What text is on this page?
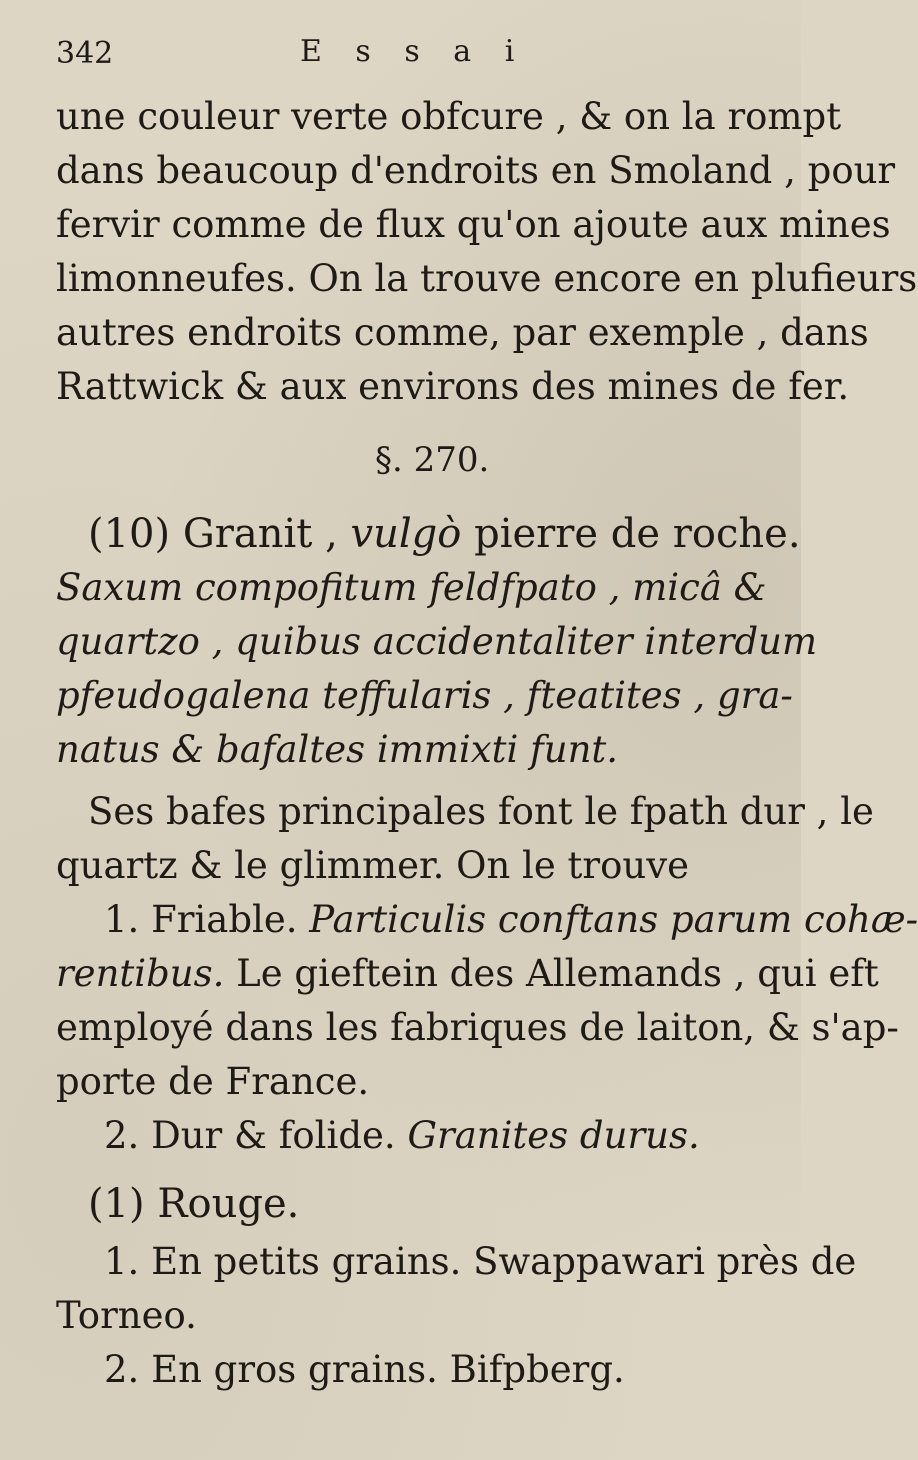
342	E s s a i
une couleur verte obfcure , & on la rompt
dans beaucoup d'endroits en Smoland , pour
fervir comme de flux qu'on ajoute aux mines
limonneufes. On la trouve encore en plufieurs
autres endroits comme, par exemple , dans
Rattwick & aux environs des mines de fer.
§. 270.
(10) Granit , vulgò pierre de roche.
Saxum compofitum feldfpato , micâ &
quartzo , quibus accidentaliter interdum
pfeudogalena teffularis , fteatites , gra-
natus & bafaltes immixti funt.
Ses bafes principales font le fpath dur , le
quartz & le glimmer. On le trouve
1. Friable. Particulis conftans parum cohæ-
rentibus. Le gieftein des Allemands , qui eft
employé dans les fabriques de laiton, & s'ap-
porte de France.
2. Dur & folide. Granites durus.
(1) Rouge.
1. En petits grains. Swappawari près de
Torneo.
2. En gros grains. Bifpberg.
